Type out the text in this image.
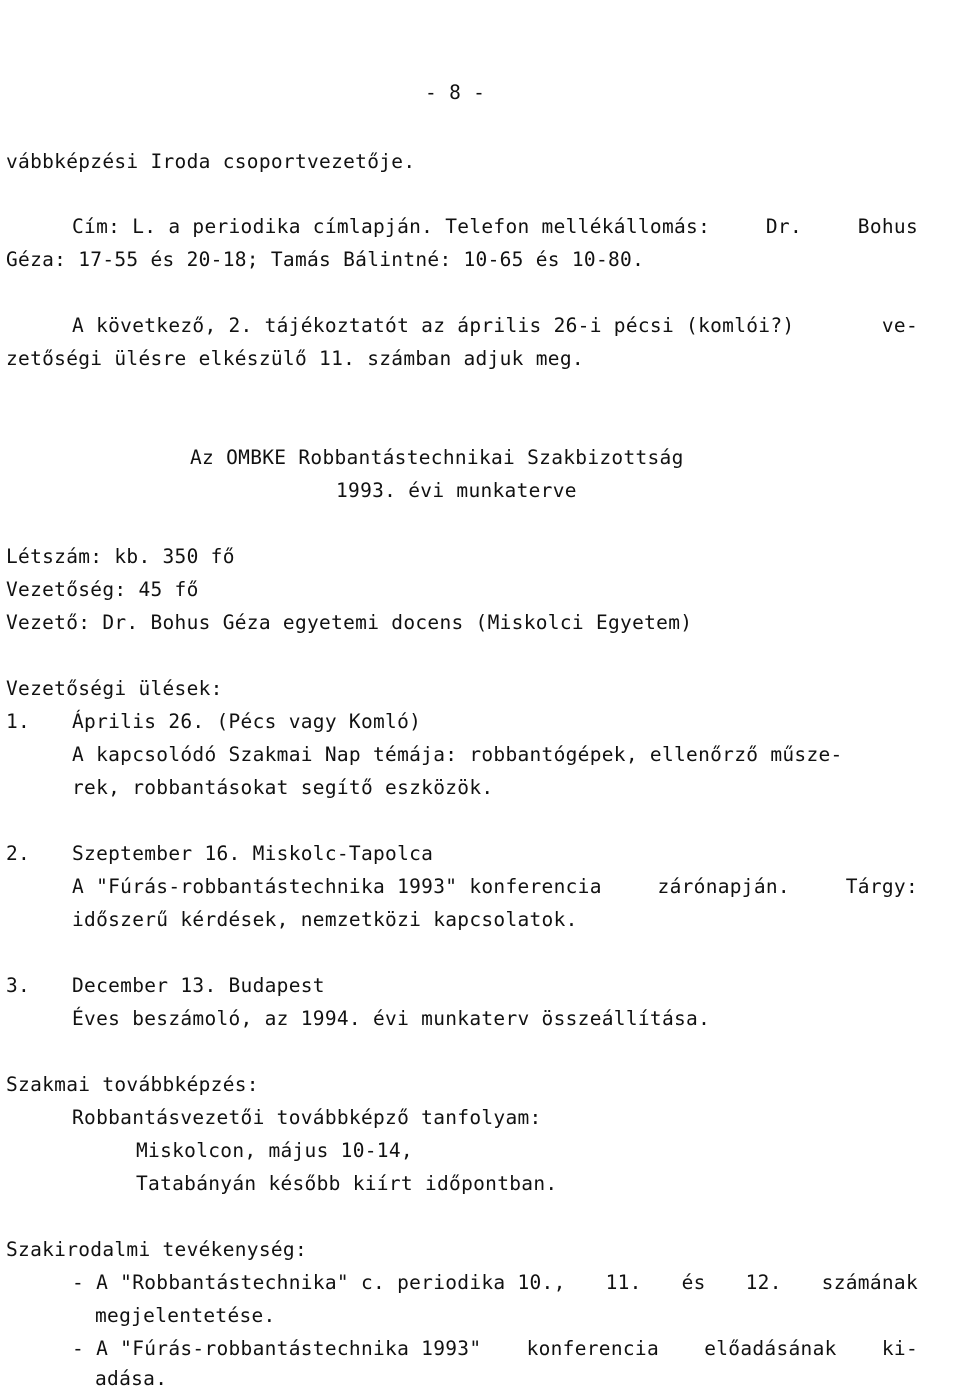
- 8 -

vábbképzési Iroda csoportvezetője.

Cím: L. a periodika címlapján. Telefon mellékállomás:	Dr.	Bohus

Géza: 17-55 és 20-18; Tamás Bálintné: 10-65 és 10-80.

A következő, 2. tájékoztatót az április 26-i pécsi (komlói?)	ve-

zetőségi ülésre elkészülő 11. számban adjuk meg.

Az OMBKE Robbantástechnikai Szakbizottság

1993. évi munkaterve

Létszám: kb. 350 fő

Vezetőség: 45 fő

Vezető: Dr. Bohus Géza egyetemi docens (Miskolci Egyetem)

Vezetőségi ülések:

1. Április 26. (Pécs vagy Komló)

A kapcsolódó Szakmai Nap témája: robbantógépek, ellenőrző műsze-

rek, robbantásokat segítő eszközök.

2. Szeptember 16. Miskolc-Tapolca

A "Fúrás-robbantástechnika 1993" konferencia	zárónapján.	Tárgy:

időszerű kérdések, nemzetközi kapcsolatok.

3. December 13. Budapest

Éves beszámoló, az 1994. évi munkaterv összeállítása.

Szakmai továbbképzés:

Robbantásvezetői továbbképző tanfolyam:

Miskolcon, május 10-14,

Tatabányán később kiírt időpontban.

Szakirodalmi tevékenység:

- A "Robbantástechnika" c. periodika 10., 11. és 12. számának

megjelentetése.

- A "Fúrás-robbantástechnika 1993" konferencia előadásának ki-

adása.
